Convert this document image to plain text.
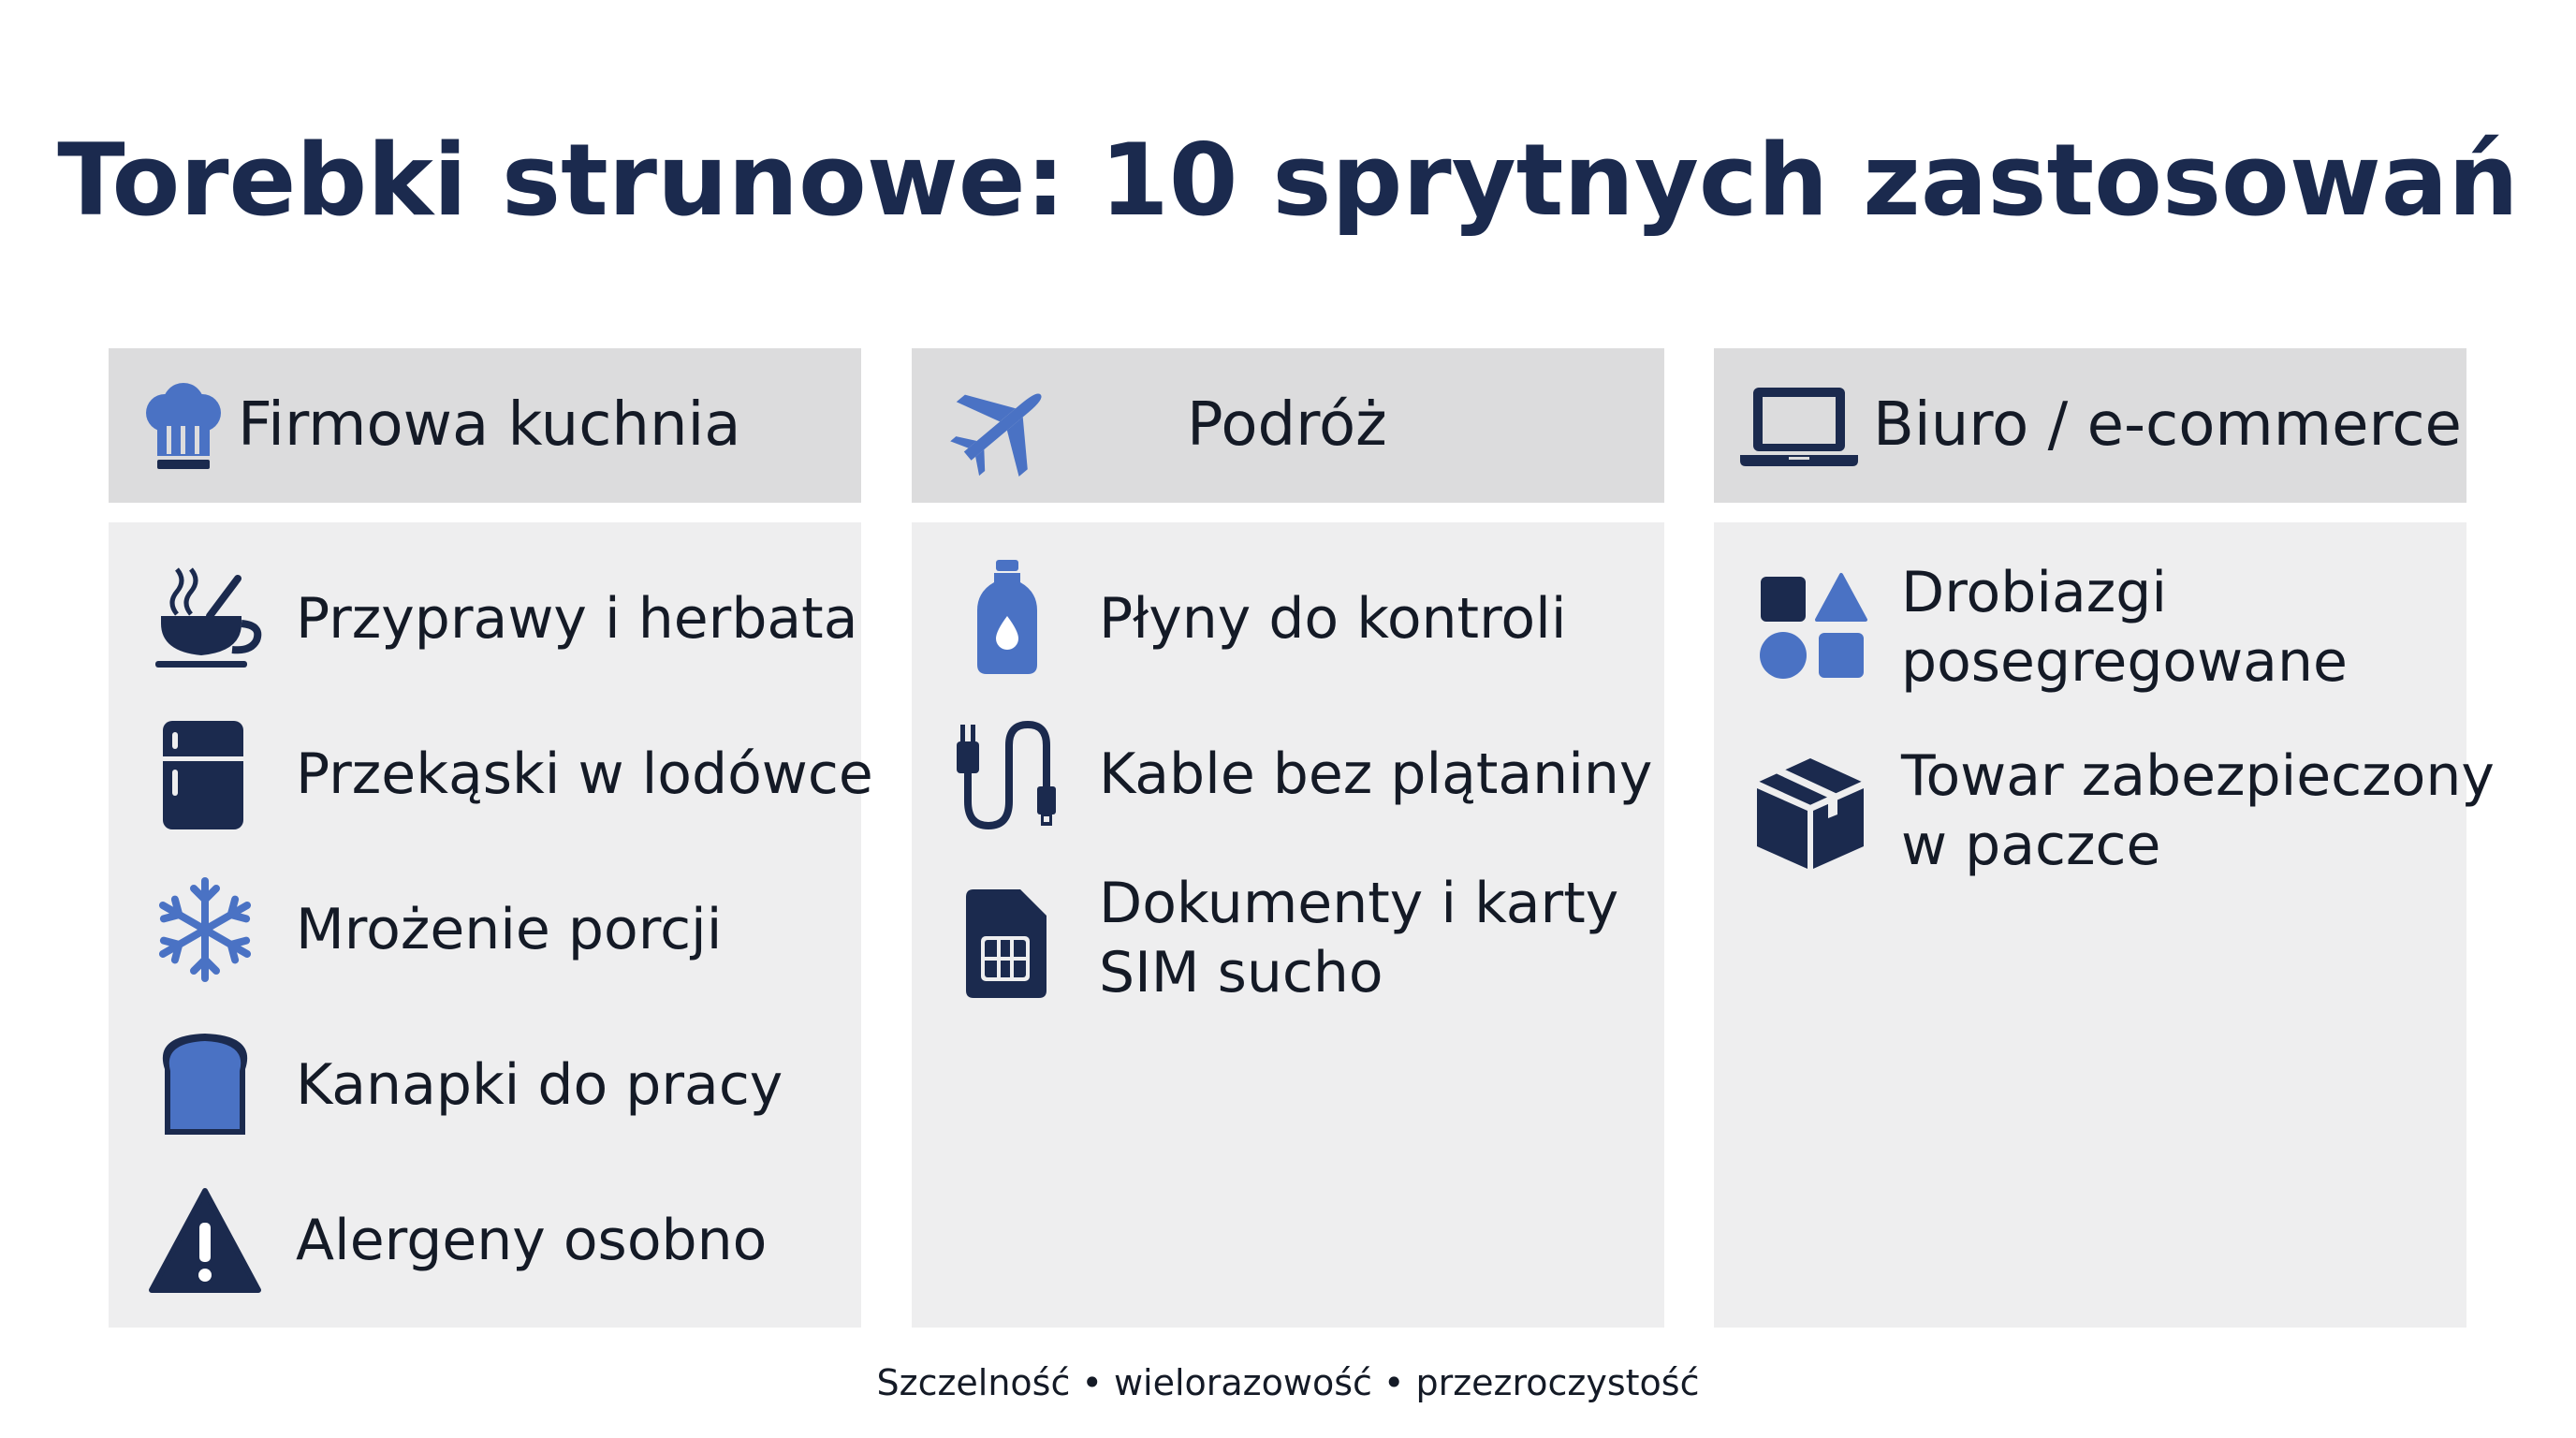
Torebki strunowe: 10 sprytnych zastosowań
Firmowa kuchnia
Przyprawy i herbata
Przekąski w lodówce
Mrożenie porcji
Kanapki do pracy
Alergeny osobno
Podróż
Płyny do kontroli
Kable bez plątaniny
Dokumenty i karty
SIM sucho
Biuro / e-commerce
Drobiazgi
posegregowane
Towar zabezpieczony
w paczce
Szczelność • wielorazowość • przezroczystość
